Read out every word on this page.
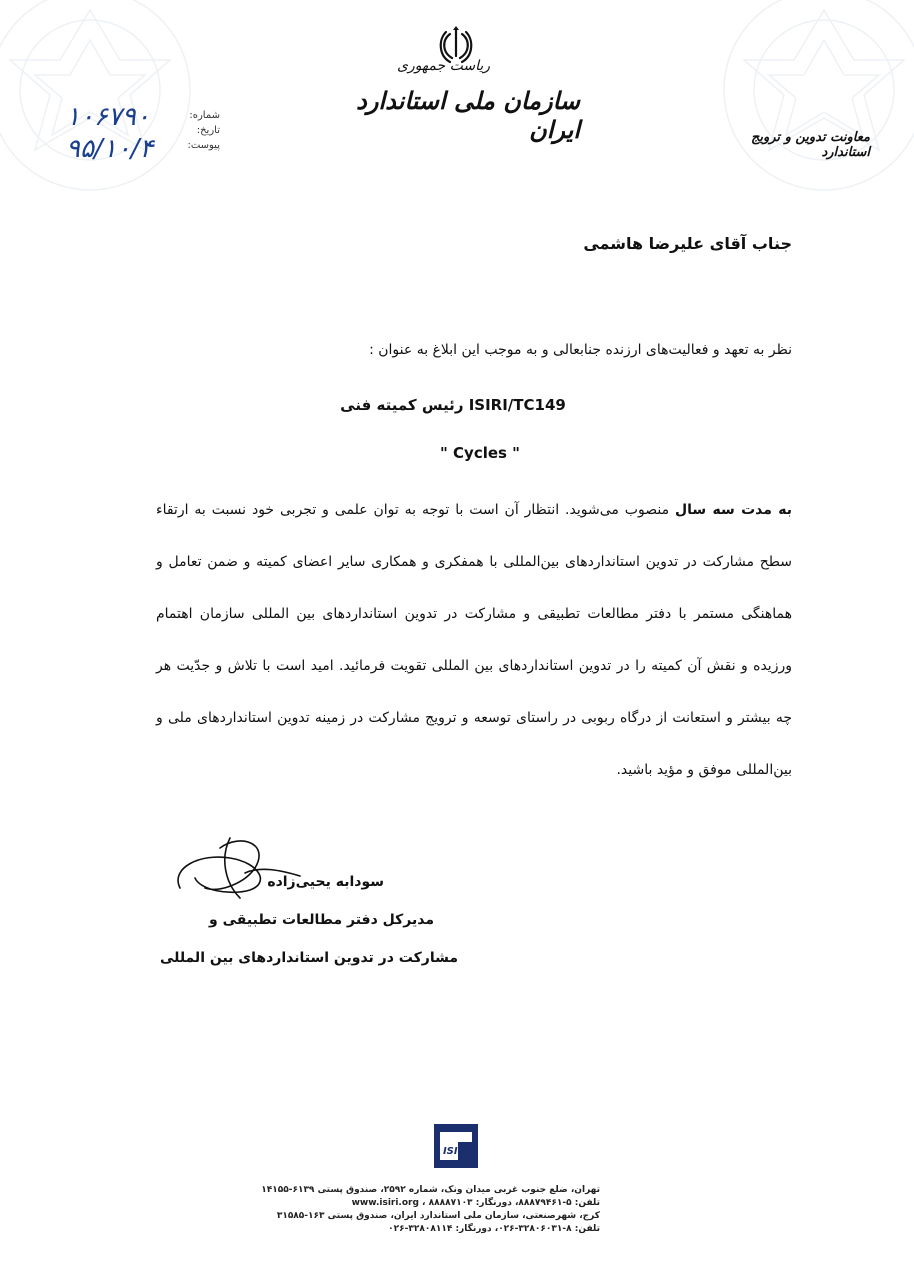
ریاست جمهوری
سازمان ملی استاندارد ایران	معاونت تدوین و ترویج استاندارد
شماره:
تاریخ:
پیوست:
۱۰۶۷۹۰
۹۵/۱۰/۴
جناب آقای علیرضا هاشمی
نظر به تعهد و فعالیت‌های ارزنده جنابعالی و به موجب این ابلاغ به عنوان :
رئیس کمیته فنی ISIRI/TC149
" Cycles "
به مدت سه سال منصوب می‌شوید. انتظار آن است با توجه به توان علمی و تجربی خود نسبت به ارتقاء سطح مشارکت در تدوین استانداردهای بین‌المللی با همفکری و همکاری سایر اعضای کمیته و ضمن تعامل و هماهنگی مستمر با دفتر مطالعات تطبیقی و مشارکت در تدوین استانداردهای بین المللی سازمان اهتمام ورزیده و نقش آن کمیته را در تدوین استانداردهای بین المللی تقویت فرمائید. امید است با تلاش و جدّیت هر چه بیشتر و استعانت از درگاه ربوبی در راستای توسعه و ترویج مشارکت در زمینه تدوین استانداردهای ملی و بین‌المللی موفق و مؤید باشید.
سودابه یحیی‌زاده
مدیرکل دفتر مطالعات تطبیقی و
مشارکت در تدوین استانداردهای بین المللی
ISIRI
تهران، ضلع جنوب غربی میدان ونک، شماره ۲۵۹۲، صندوق پستی ۶۱۳۹-۱۴۱۵۵
تلفن: ۵-۸۸۸۷۹۴۶۱، دورنگار: ۸۸۸۸۷۱۰۳ ، www.isiri.org
کرج، شهرصنعتی، سازمان ملی استاندارد ایران، صندوق پستی ۱۶۳-۳۱۵۸۵
تلفن: ۸-۳۲۸۰۶۰۳۱-۰۲۶، دورنگار: ۳۲۸۰۸۱۱۴-۰۲۶
